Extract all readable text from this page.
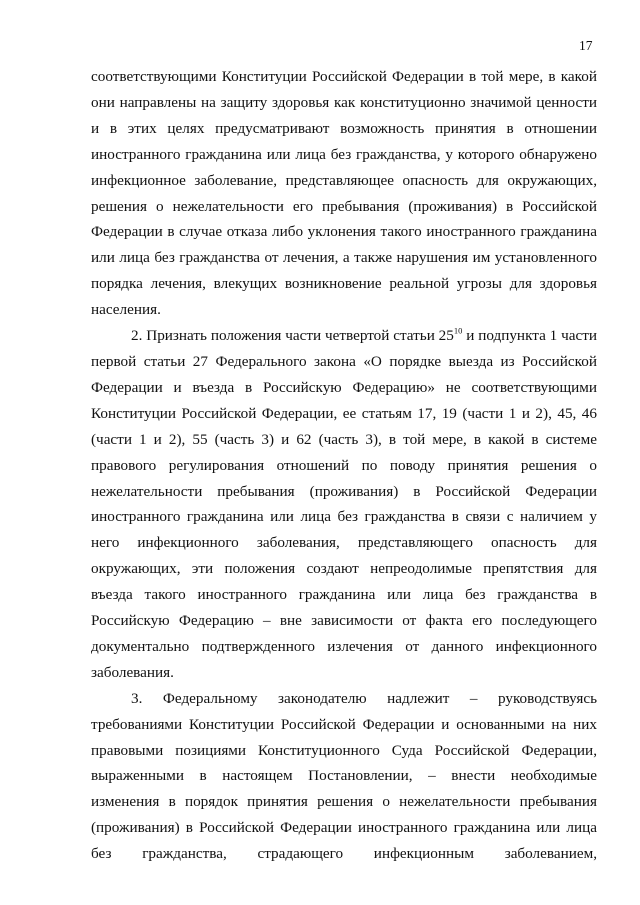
17

соответствующими Конституции Российской Федерации в той мере, в какой они направлены на защиту здоровья как конституционно значимой ценности и в этих целях предусматривают возможность принятия в отношении иностранного гражданина или лица без гражданства, у которого обнаружено инфекционное заболевание, представляющее опасность для окружающих, решения о нежелательности его пребывания (проживания) в Российской Федерации в случае отказа либо уклонения такого иностранного гражданина или лица без гражданства от лечения, а также нарушения им установленного порядка лечения, влекущих возникновение реальной угрозы для здоровья населения.

2. Признать положения части четвертой статьи $25^{10}$ и подпункта 1 части первой статьи 27 Федерального закона «О порядке выезда из Российской Федерации и въезда в Российскую Федерацию» не соответствующими Конституции Российской Федерации, ее статьям 17, 19 (части 1 и 2), 45, 46 (части 1 и 2), 55 (часть 3) и 62 (часть 3), в той мере, в какой в системе правового регулирования отношений по поводу принятия решения о нежелательности пребывания (проживания) в Российской Федерации иностранного гражданина или лица без гражданства в связи с наличием у него инфекционного заболевания, представляющего опасность для окружающих, эти положения создают непреодолимые препятствия для въезда такого иностранного гражданина или лица без гражданства в Российскую Федерацию – вне зависимости от факта его последующего документально подтвержденного излечения от данного инфекционного заболевания.

3. Федеральному законодателю надлежит – руководствуясь требованиями Конституции Российской Федерации и основанными на них правовыми позициями Конституционного Суда Российской Федерации, выраженными в настоящем Постановлении, – внести необходимые изменения в порядок принятия решения о нежелательности пребывания (проживания) в Российской Федерации иностранного гражданина или лица без гражданства, страдающего инфекционным заболеванием,
